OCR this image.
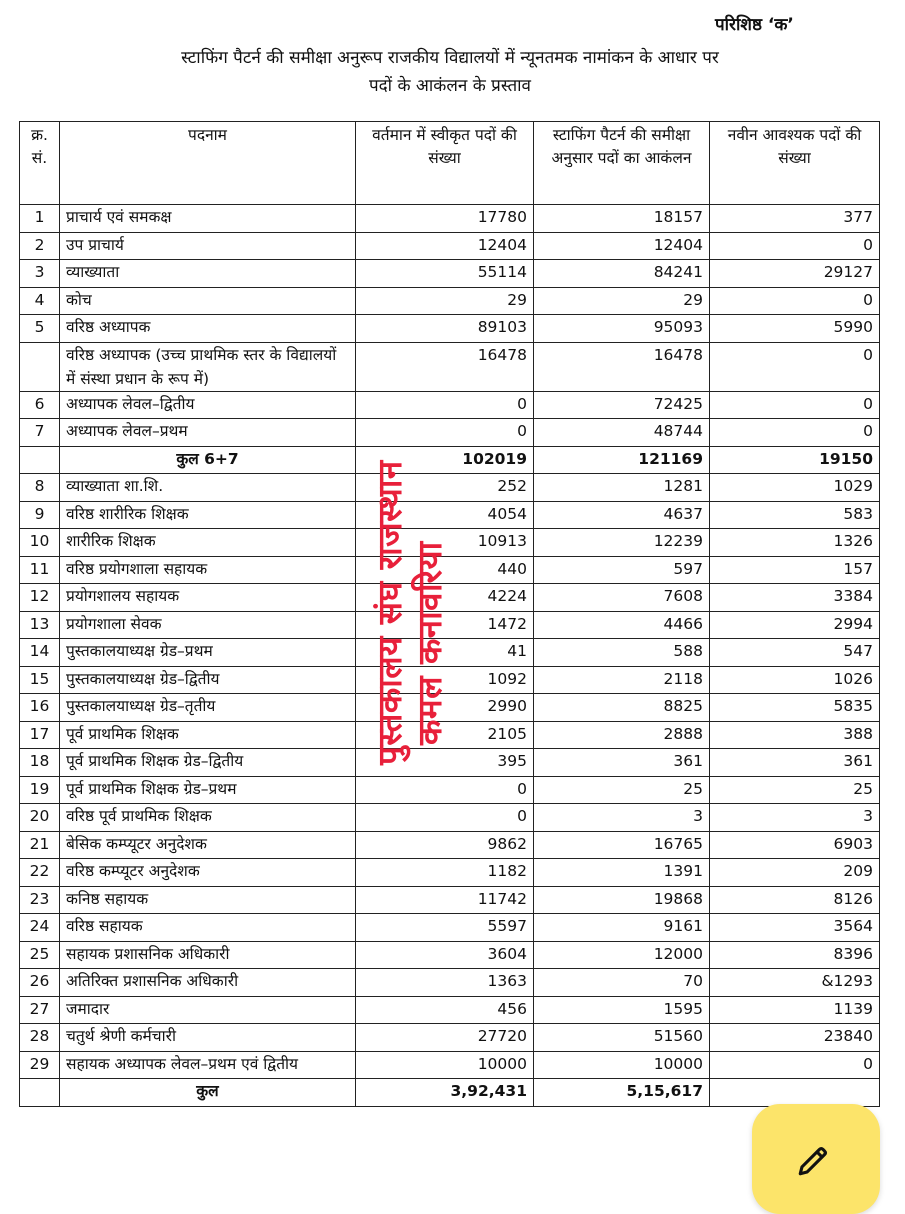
परिशिष्ठ ‘क’
स्टाफिंग पैटर्न की समीक्षा अनुरूप राजकीय विद्यालयों में न्यूनतमक नामांकन के आधार पर
पदों के आकंलन के प्रस्ताव
क्र. सं.	पदनाम	वर्तमान में स्वीकृत पदों की संख्या	स्टाफिंग पैटर्न की समीक्षा अनुसार पदों का आकंलन	नवीन आवश्यक पदों की संख्या
1	प्राचार्य एवं समकक्ष	17780	18157	377
2	उप प्राचार्य	12404	12404	0
3	व्याख्याता	55114	84241	29127
4	कोच	29	29	0
5	वरिष्ठ अध्यापक	89103	95093	5990
	वरिष्ठ अध्यापक (उच्च प्राथमिक स्तर के विद्यालयों में संस्था प्रधान के रूप में)	16478	16478	0
6	अध्यापक लेवल–द्वितीय	0	72425	0
7	अध्यापक लेवल–प्रथम	0	48744	0
	कुल 6+7	102019	121169	19150
8	व्याख्याता शा.शि.	252	1281	1029
9	वरिष्ठ शारीरिक शिक्षक	4054	4637	583
10	शारीरिक शिक्षक	10913	12239	1326
11	वरिष्ठ प्रयोगशाला सहायक	440	597	157
12	प्रयोगशालय सहायक	4224	7608	3384
13	प्रयोगशाला सेवक	1472	4466	2994
14	पुस्तकालयाध्यक्ष ग्रेड–प्रथम	41	588	547
15	पुस्तकालयाध्यक्ष ग्रेड–द्वितीय	1092	2118	1026
16	पुस्तकालयाध्यक्ष ग्रेड–तृतीय	2990	8825	5835
17	पूर्व प्राथमिक शिक्षक	2105	2888	388
18	पूर्व प्राथमिक शिक्षक ग्रेड–द्वितीय	395	361	361
19	पूर्व प्राथमिक शिक्षक ग्रेड–प्रथम	0	25	25
20	वरिष्ठ पूर्व प्राथमिक शिक्षक	0	3	3
21	बेसिक कम्प्यूटर अनुदेशक	9862	16765	6903
22	वरिष्ठ कम्प्यूटर अनुदेशक	1182	1391	209
23	कनिष्ठ सहायक	11742	19868	8126
24	वरिष्ठ सहायक	5597	9161	3564
25	सहायक प्रशासनिक अधिकारी	3604	12000	8396
26	अतिरिक्त प्रशासनिक अधिकारी	1363	70	&1293
27	जमादार	456	1595	1139
28	चतुर्थ श्रेणी कर्मचारी	27720	51560	23840
29	सहायक अध्यापक लेवल–प्रथम एवं द्वितीय	10000	10000	0
	कुल	3,92,431	5,15,617	
पुस्तकालय संघ राजस्थान कमल कनावरिया
